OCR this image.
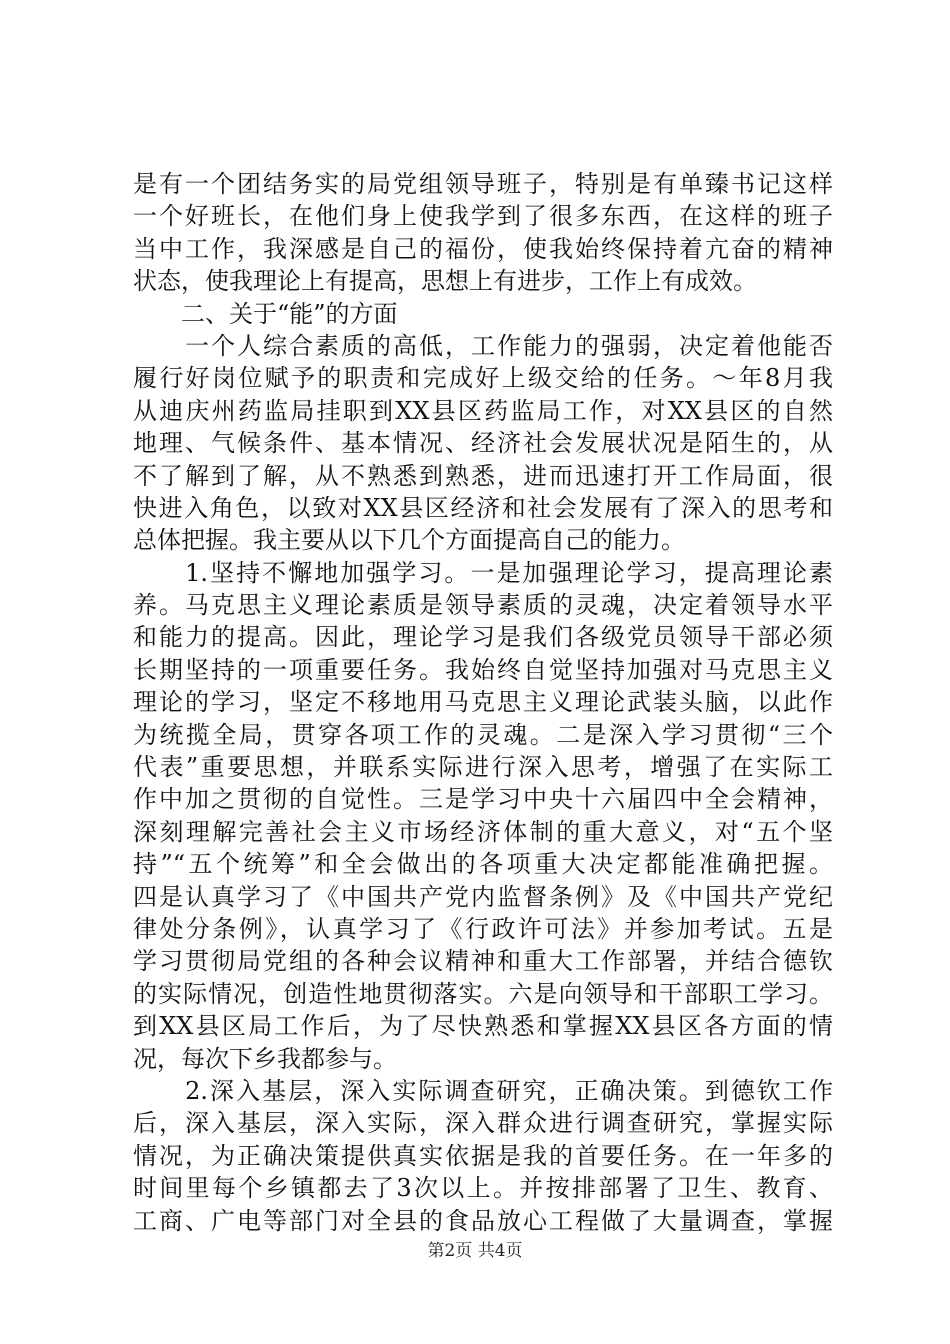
是有一个团结务实的局党组领导班子，特别是有单臻书记这样
一个好班长，在他们身上使我学到了很多东西，在这样的班子
当中工作，我深感是自己的福份，使我始终保持着亢奋的精神
状态，使我理论上有提高，思想上有进步，工作上有成效。
　　二、关于“能”的方面
　　一个人综合素质的高低，工作能力的强弱，决定着他能否
履行好岗位赋予的职责和完成好上级交给的任务。～年8月我
从迪庆州药监局挂职到XX县区药监局工作，对XX县区的自然
地理、气候条件、基本情况、经济社会发展状况是陌生的，从
不了解到了解，从不熟悉到熟悉，进而迅速打开工作局面，很
快进入角色，以致对XX县区经济和社会发展有了深入的思考和
总体把握。我主要从以下几个方面提高自己的能力。
　　1.坚持不懈地加强学习。一是加强理论学习，提高理论素
养。马克思主义理论素质是领导素质的灵魂，决定着领导水平
和能力的提高。因此，理论学习是我们各级党员领导干部必须
长期坚持的一项重要任务。我始终自觉坚持加强对马克思主义
理论的学习，坚定不移地用马克思主义理论武装头脑，以此作
为统揽全局，贯穿各项工作的灵魂。二是深入学习贯彻“三个
代表”重要思想，并联系实际进行深入思考，增强了在实际工
作中加之贯彻的自觉性。三是学习中央十六届四中全会精神，
深刻理解完善社会主义市场经济体制的重大意义，对“五个坚
持”“五个统筹”和全会做出的各项重大决定都能准确把握。
四是认真学习了《中国共产党内监督条例》及《中国共产党纪
律处分条例》，认真学习了《行政许可法》并参加考试。五是
学习贯彻局党组的各种会议精神和重大工作部署，并结合德钦
的实际情况，创造性地贯彻落实。六是向领导和干部职工学习。
到XX县区局工作后，为了尽快熟悉和掌握XX县区各方面的情
况，每次下乡我都参与。
　　2.深入基层，深入实际调查研究，正确决策。到德钦工作
后，深入基层，深入实际，深入群众进行调查研究，掌握实际
情况，为正确决策提供真实依据是我的首要任务。在一年多的
时间里每个乡镇都去了3次以上。并按排部署了卫生、教育、
工商、广电等部门对全县的食品放心工程做了大量调查，掌握
第2页 共4页
